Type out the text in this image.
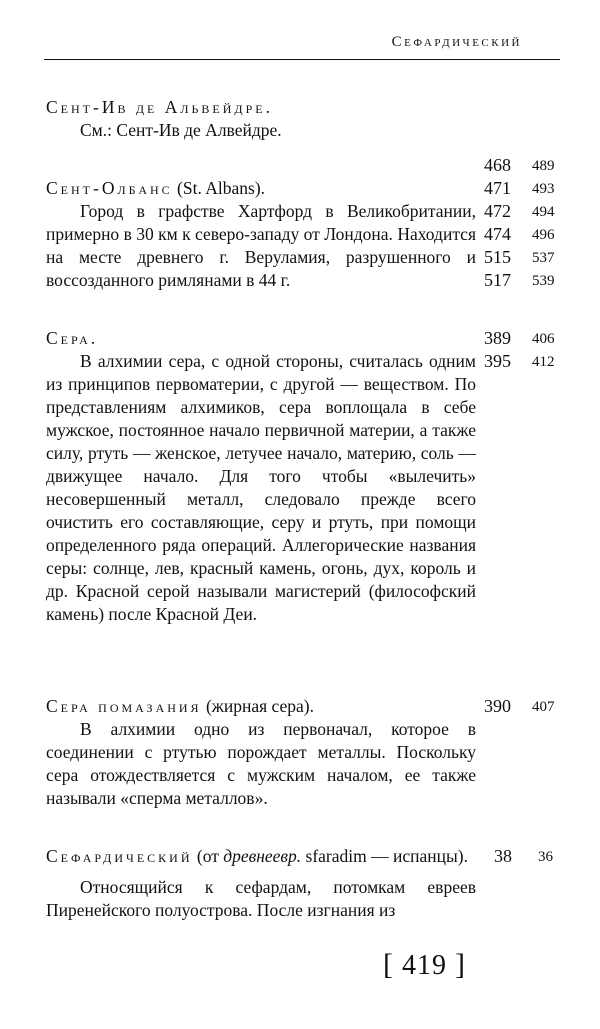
Сефардический
Сент-Ив де Альвейдре.
См.: Сент-Ив де Алвейдре.
Сент-Олбанс (St. Albans).

Город в графстве Хартфорд в Великобритании, примерно в 30 км к северо-западу от Лондона. Находится на месте древнего г. Веруламия, разрушенного и воссозданного римлянами в 44 г.

468	489
471	493
472	494
474	496
515	537
517	539
Сера.

В алхимии сера, с одной стороны, считалась одним из принципов первоматерии, с другой — веществом. По представлениям алхимиков, сера воплощала в себе мужское, постоянное начало первичной материи, а также силу, ртуть — женское, летучее начало, материю, соль — движущее начало. Для того чтобы «вылечить» несовершенный металл, следовало прежде всего очистить его составляющие, серу и ртуть, при помощи определенного ряда операций. Аллегорические названия серы: солнце, лев, красный камень, огонь, дух, король и др. Красной серой называли магистерий (философский камень) после Красной Деи.

389	406
395	412
Сера помазания (жирная сера).

В алхимии одно из первоначал, которое в соединении с ртутью порождает металлы. Поскольку сера отождествляется с мужским началом, ее также называли «сперма металлов».

390	407
Сефардический (от древнеевр. sfaradim — испанцы).

Относящийся к сефардам, потомкам евреев Пиренейского полуострова. После изгнания из

38	36
[ 419 ]
